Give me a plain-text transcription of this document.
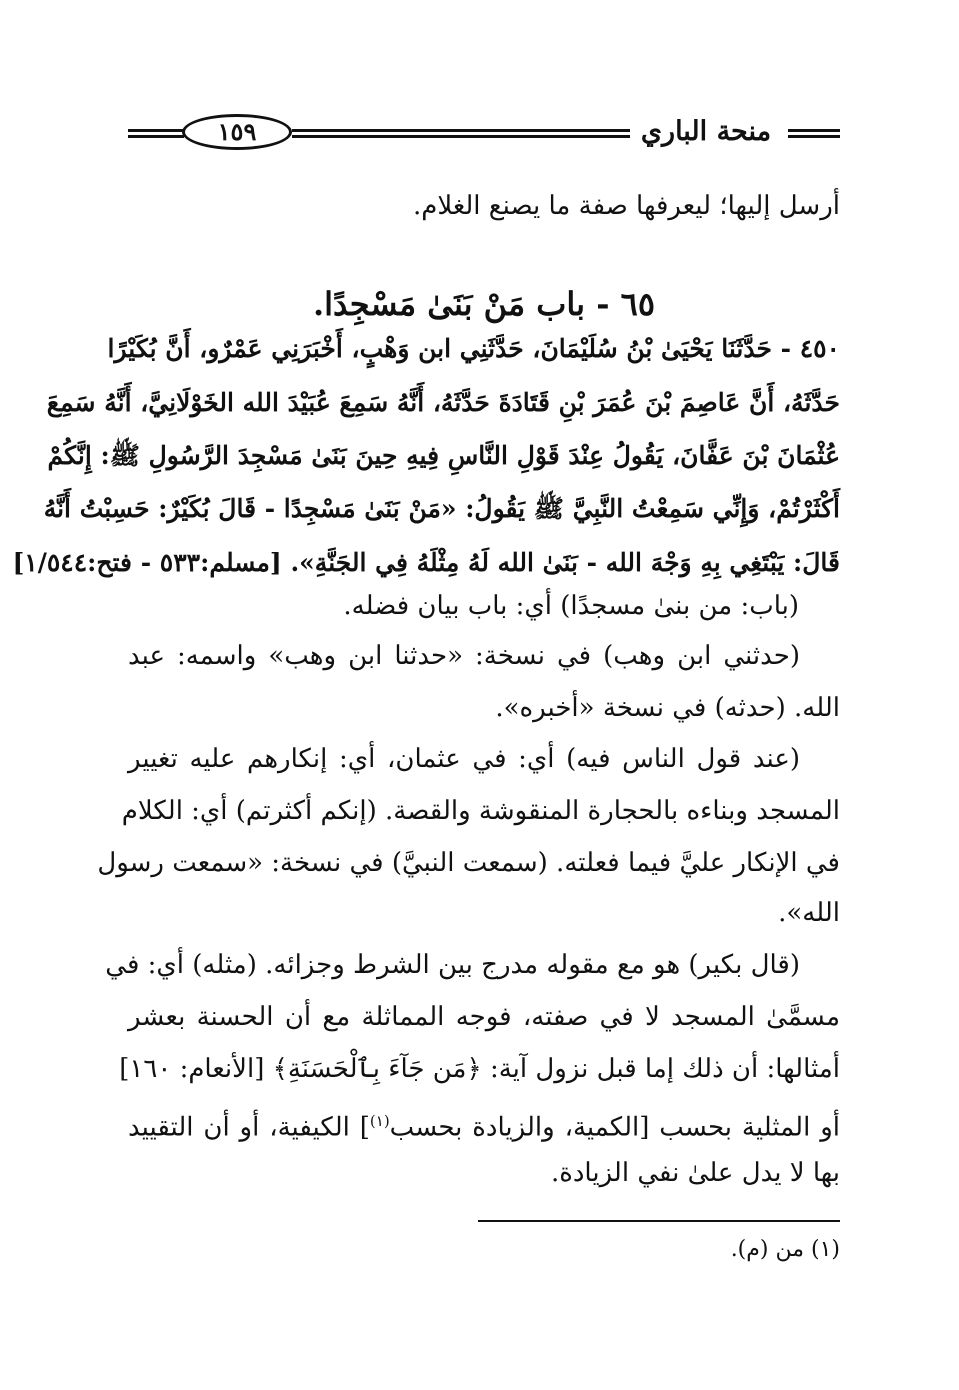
منحة الباري
١٥٩
أرسل إليها؛ ليعرفها صفة ما يصنع الغلام.
٦٥ - باب مَنْ بَنَىٰ مَسْجِدًا.
٤٥٠ - حَدَّثَنَا يَحْيَىٰ بْنُ سُلَيْمَانَ، حَدَّثَنِي ابن وَهْبٍ، أَخْبَرَنِي عَمْرٌو، أَنَّ بُكَيْرًا
حَدَّثَهُ، أَنَّ عَاصِمَ بْنَ عُمَرَ بْنِ قَتَادَةَ حَدَّثَهُ، أَنَّهُ سَمِعَ عُبَيْدَ الله الخَوْلَانِيَّ، أَنَّهُ سَمِعَ
عُثْمَانَ بْنَ عَفَّانَ، يَقُولُ عِنْدَ قَوْلِ النَّاسِ فِيهِ حِينَ بَنَىٰ مَسْجِدَ الرَّسُولِ ﷺ: إِنَّكُمْ
أَكْثَرْتُمْ، وَإِنِّي سَمِعْتُ النَّبِيَّ ﷺ يَقُولُ: «مَنْ بَنَىٰ مَسْجِدًا - قَالَ بُكَيْرٌ: حَسِبْتُ أَنَّهُ
قَالَ: يَبْتَغِي بِهِ وَجْهَ الله - بَنَىٰ الله لَهُ مِثْلَهُ فِي الجَنَّةِ». [مسلم:٥٣٣ - فتح:١/٥٤٤]
(باب: من بنىٰ مسجدًا) أي: باب بيان فضله.
(حدثني ابن وهب) في نسخة: «حدثنا ابن وهب» واسمه: عبد
الله. (حدثه) في نسخة «أخبره».
(عند قول الناس فيه) أي: في عثمان، أي: إنكارهم عليه تغيير
المسجد وبناءه بالحجارة المنقوشة والقصة. (إنكم أكثرتم) أي: الكلام
في الإنكار عليَّ فيما فعلته. (سمعت النبيَّ) في نسخة: «سمعت رسول
الله».
(قال بكير) هو مع مقوله مدرج بين الشرط وجزائه. (مثله) أي: في
مسمَّىٰ المسجد لا في صفته، فوجه المماثلة مع أن الحسنة بعشر
أمثالها: أن ذلك إما قبل نزول آية: ﴿مَن جَآءَ بِٱلْحَسَنَةِ﴾ [الأنعام: ١٦٠]
أو المثلية بحسب [الكمية، والزيادة بحسب$^{(١)}$] الكيفية، أو أن التقييد
بها لا يدل علىٰ نفي الزيادة.
(١) من (م).
